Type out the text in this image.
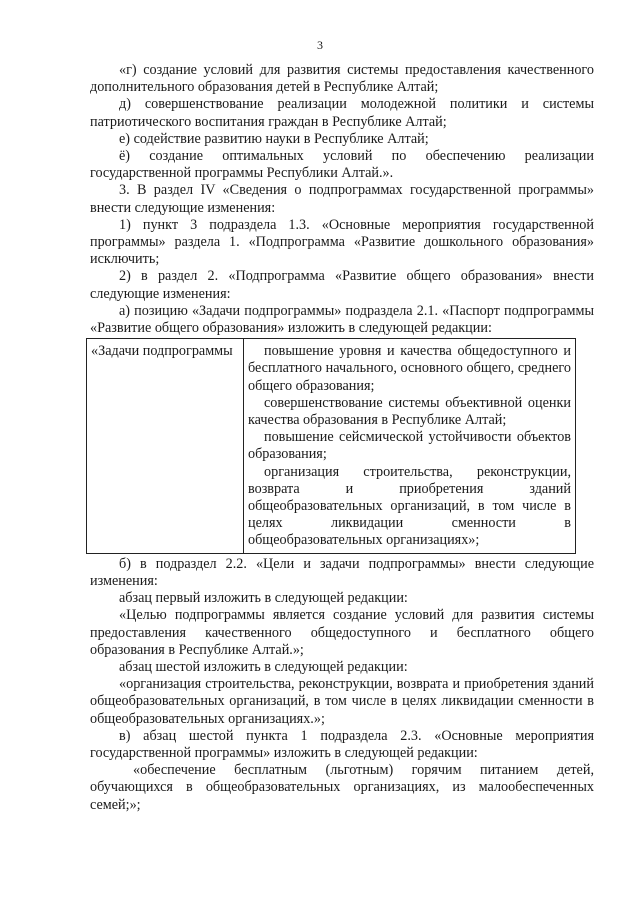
3

«г) создание условий для развития системы предоставления качественного дополнительного образования детей в Республике Алтай;

д) совершенствование реализации молодежной политики и системы патриотического воспитания граждан в Республике Алтай;

е) содействие развитию науки в Республике Алтай;

ё) создание оптимальных условий по обеспечению реализации государственной программы Республики Алтай.».

3. В раздел IV «Сведения о подпрограммах государственной программы» внести следующие изменения:

1) пункт 3 подраздела 1.3. «Основные мероприятия государственной программы» раздела 1. «Подпрограмма «Развитие дошкольного образования» исключить;

2) в раздел 2. «Подпрограмма «Развитие общего образования» внести следующие изменения:

а) позицию «Задачи подпрограммы» подраздела 2.1. «Паспорт подпрограммы «Развитие общего образования» изложить в следующей редакции:

«Задачи подпрограммы	повышение уровня и качества общедоступного и бесплатного начального, основного общего, среднего общего образования;

совершенствование системы объективной оценки качества образования в Республике Алтай;

повышение сейсмической устойчивости объектов образования;

организация строительства, реконструкции, возврата и приобретения зданий общеобразовательных организаций, в том числе в целях ликвидации сменности в общеобразовательных организациях»;

б) в подраздел 2.2. «Цели и задачи подпрограммы» внести следующие изменения:

абзац первый изложить в следующей редакции:

«Целью подпрограммы является создание условий для развития системы предоставления качественного общедоступного и бесплатного общего образования в Республике Алтай.»;

абзац шестой изложить в следующей редакции:

«организация строительства, реконструкции, возврата и приобретения зданий общеобразовательных организаций, в том числе в целях ликвидации сменности в общеобразовательных организациях.»;

в) абзац шестой пункта 1 подраздела 2.3. «Основные мероприятия государственной программы» изложить в следующей редакции:

«обеспечение бесплатным (льготным) горячим питанием детей, обучающихся в общеобразовательных организациях, из малообеспеченных семей;»;
